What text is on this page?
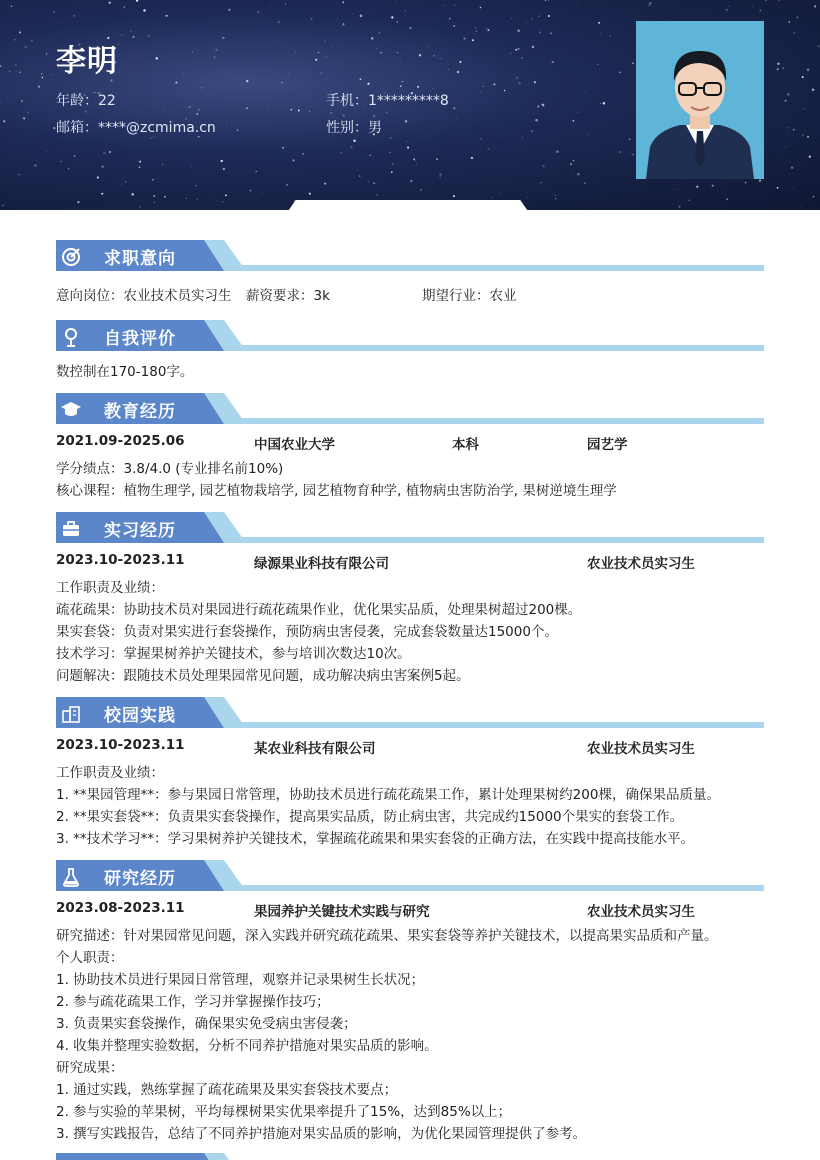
李明
年龄：22	手机：1*********8
邮箱：****@zcmima.cn	性别：男
求职意向
意向岗位：农业技术员实习生 薪资要求：3k	期望行业：农业
自我评价
数控制在170-180字。
教育经历
2021.09-2025.06	中国农业大学	本科	园艺学
学分绩点：3.8/4.0 (专业排名前10%)
核心课程：植物生理学, 园艺植物栽培学, 园艺植物育种学, 植物病虫害防治学, 果树逆境生理学
实习经历
2023.10-2023.11	绿源果业科技有限公司	农业技术员实习生
工作职责及业绩：
疏花疏果：协助技术员对果园进行疏花疏果作业，优化果实品质，处理果树超过200棵。
果实套袋：负责对果实进行套袋操作，预防病虫害侵袭，完成套袋数量达15000个。
技术学习：掌握果树养护关键技术，参与培训次数达10次。
问题解决：跟随技术员处理果园常见问题，成功解决病虫害案例5起。
校园实践
2023.10-2023.11	某农业科技有限公司	农业技术员实习生
工作职责及业绩：
1. **果园管理**：参与果园日常管理，协助技术员进行疏花疏果工作，累计处理果树约200棵，确保果品质量。
2. **果实套袋**：负责果实套袋操作，提高果实品质，防止病虫害，共完成约15000个果实的套袋工作。
3. **技术学习**：学习果树养护关键技术，掌握疏花疏果和果实套袋的正确方法，在实践中提高技能水平。
研究经历
2023.08-2023.11	果园养护关键技术实践与研究	农业技术员实习生
研究描述：针对果园常见问题，深入实践并研究疏花疏果、果实套袋等养护关键技术，以提高果实品质和产量。
个人职责：
1. 协助技术员进行果园日常管理，观察并记录果树生长状况；
2. 参与疏花疏果工作，学习并掌握操作技巧；
3. 负责果实套袋操作，确保果实免受病虫害侵袭；
4. 收集并整理实验数据，分析不同养护措施对果实品质的影响。
研究成果：
1. 通过实践，熟练掌握了疏花疏果及果实套袋技术要点；
2. 参与实验的苹果树，平均每棵树果实优果率提升了15%，达到85%以上；
3. 撰写实践报告，总结了不同养护措施对果实品质的影响，为优化果园管理提供了参考。
